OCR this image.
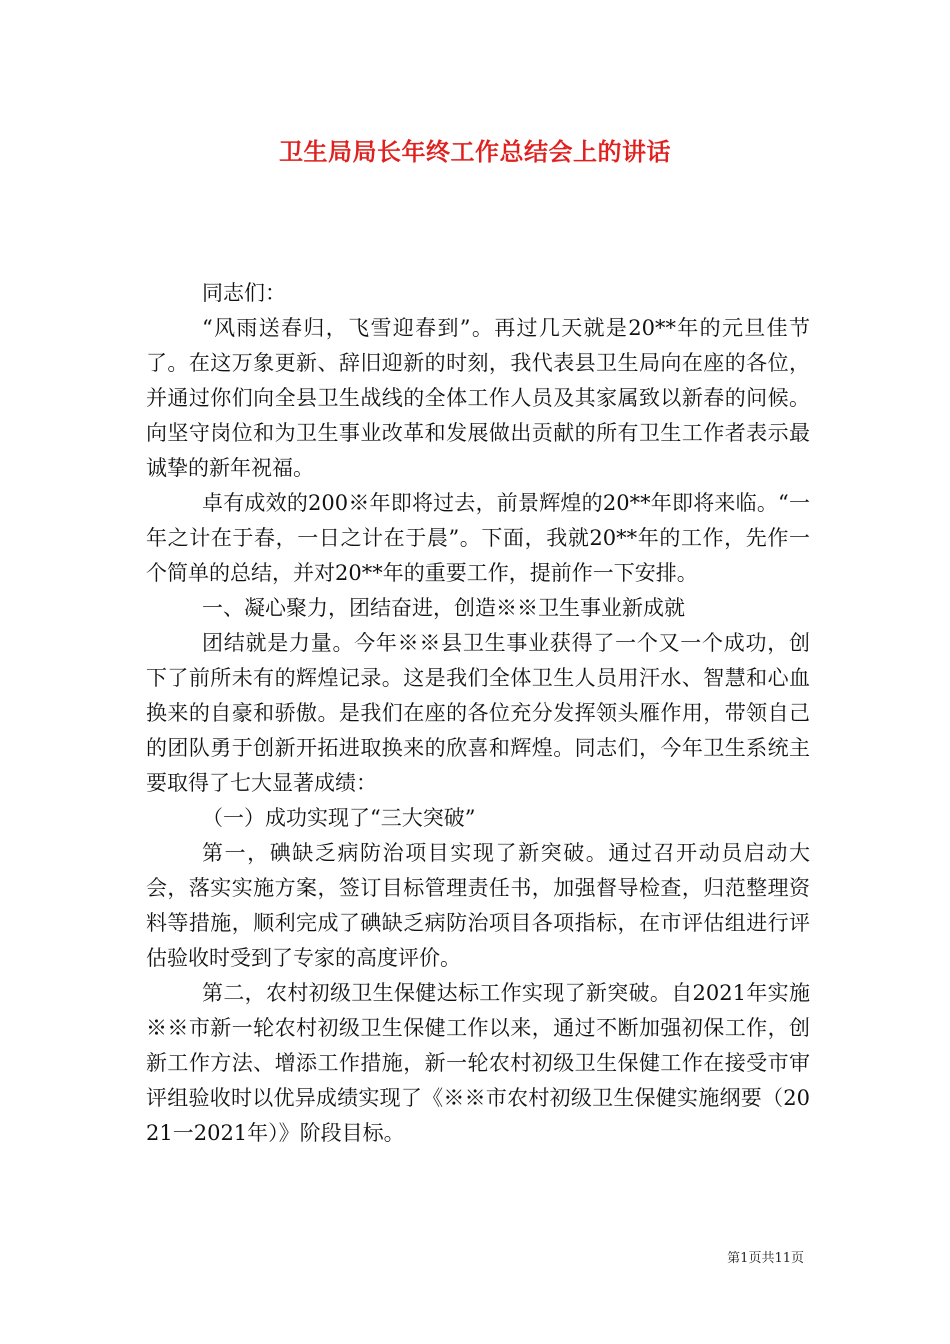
卫生局局长年终工作总结会上的讲话

同志们：

“风雨送春归，飞雪迎春到”。再过几天就是20**年的元旦佳节了。在这万象更新、辞旧迎新的时刻，我代表县卫生局向在座的各位，并通过你们向全县卫生战线的全体工作人员及其家属致以新春的问候。向坚守岗位和为卫生事业改革和发展做出贡献的所有卫生工作者表示最诚挚的新年祝福。

卓有成效的200※年即将过去，前景辉煌的20**年即将来临。“一年之计在于春，一日之计在于晨”。下面，我就20**年的工作，先作一个简单的总结，并对20**年的重要工作，提前作一下安排。

一、凝心聚力，团结奋进，创造※※卫生事业新成就

团结就是力量。今年※※县卫生事业获得了一个又一个成功，创下了前所未有的辉煌记录。这是我们全体卫生人员用汗水、智慧和心血换来的自豪和骄傲。是我们在座的各位充分发挥领头雁作用，带领自己的团队勇于创新开拓进取换来的欣喜和辉煌。同志们，今年卫生系统主要取得了七大显著成绩：

（一）成功实现了“三大突破”

第一，碘缺乏病防治项目实现了新突破。通过召开动员启动大会，落实实施方案，签订目标管理责任书，加强督导检查，归范整理资料等措施，顺利完成了碘缺乏病防治项目各项指标，在市评估组进行评估验收时受到了专家的高度评价。

第二，农村初级卫生保健达标工作实现了新突破。自2021年实施※※市新一轮农村初级卫生保健工作以来，通过不断加强初保工作，创新工作方法、增添工作措施，新一轮农村初级卫生保健工作在接受市审评组验收时以优异成绩实现了《※※市农村初级卫生保健实施纲要（2021一2021年）》阶段目标。

第1页共11页
